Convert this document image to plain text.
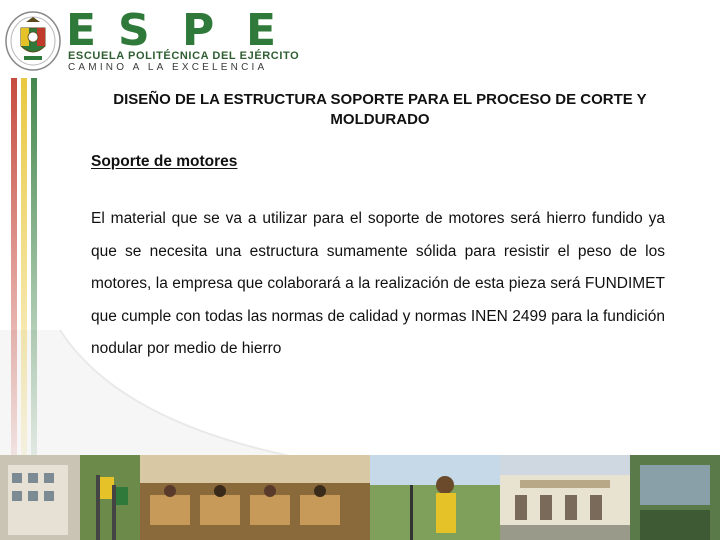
E S P E
ESCUELA POLITÉCNICA DEL EJÉRCITO
CAMINO A LA EXCELENCIA
DISEÑO DE LA ESTRUCTURA SOPORTE PARA EL PROCESO DE CORTE Y MOLDURADO
Soporte de motores

El material que se va a utilizar para el soporte de motores será hierro fundido ya que se necesita una estructura sumamente sólida para resistir el peso de los motores, la empresa que colaborará a la realización de esta pieza será FUNDIMET que cumple con todas las normas de calidad y normas INEN 2499 para la fundición nodular por medio de hierro
